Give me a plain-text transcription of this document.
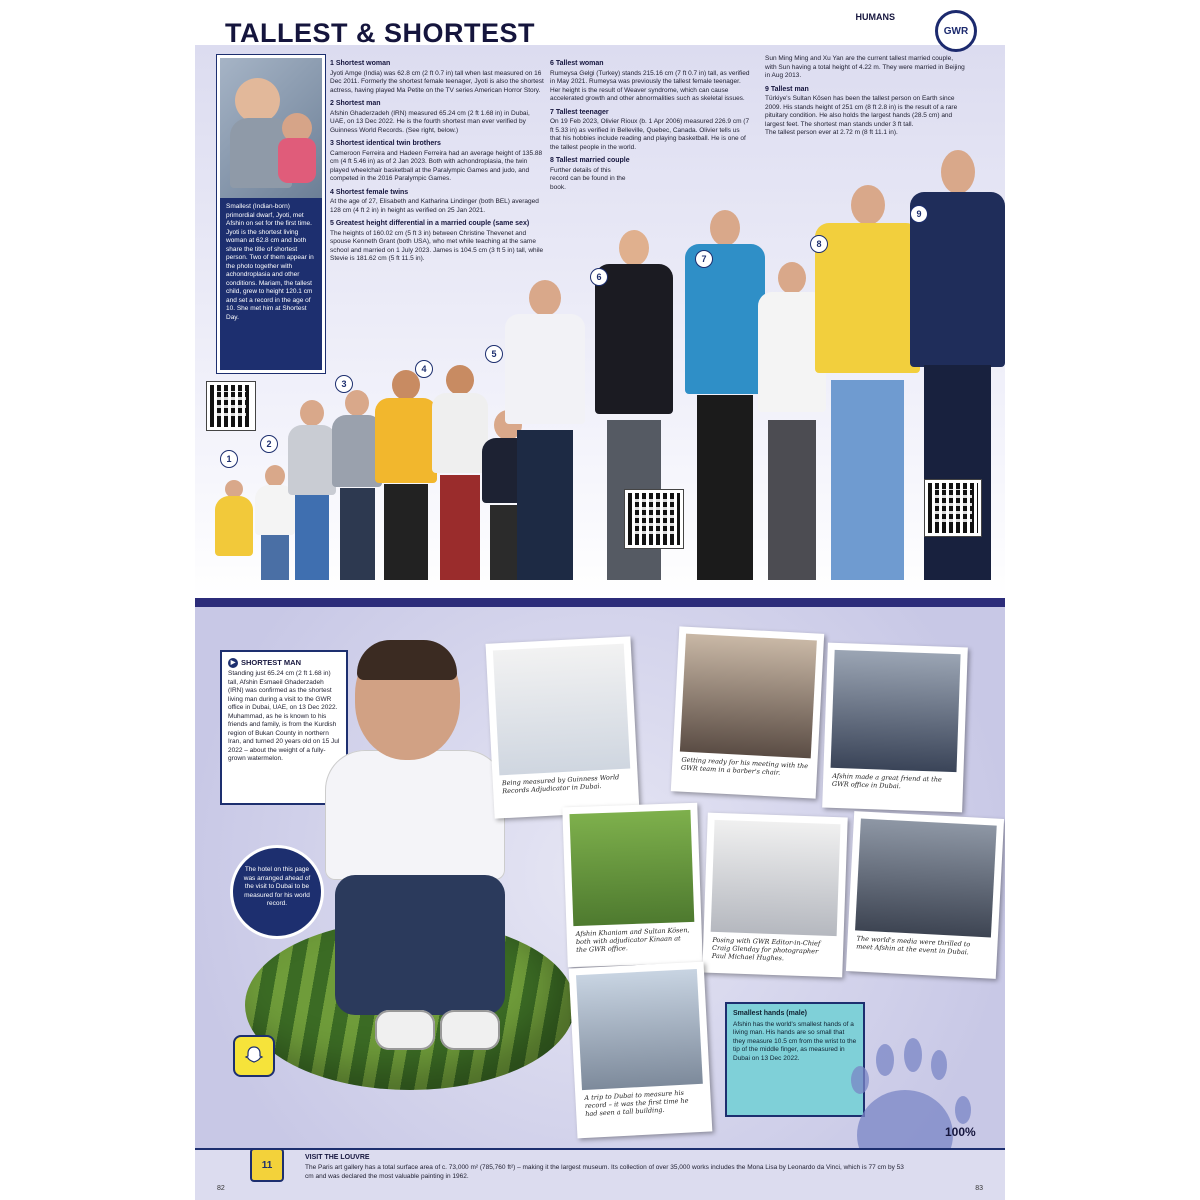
TALLEST & SHORTEST
HUMANS
GWR
1 Shortest woman

Jyoti Amge (India) was 62.8 cm (2 ft 0.7 in) tall when last measured on 16 Dec 2011. Formerly the shortest female teenager, Jyoti is also the shortest actress, having played Ma Petite on the TV series American Horror Story.

2 Shortest man

Afshin Ghaderzadeh (IRN) measured 65.24 cm (2 ft 1.68 in) in Dubai, UAE, on 13 Dec 2022. He is the fourth shortest man ever verified by Guinness World Records. (See right, below.)

3 Shortest identical twin brothers

Cameroon Ferreira and Hadeen Ferreira had an average height of 135.88 cm (4 ft 5.46 in) as of 2 Jan 2023. Both with achondroplasia, the twin played wheelchair basketball at the Paralympic Games and judo, and competed in the 2016 Paralympic Games.

4 Shortest female twins

At the age of 27, Elisabeth and Katharina Lindinger (both BEL) averaged 128 cm (4 ft 2 in) in height as verified on 25 Jan 2021.

5 Greatest height differential in a married couple (same sex)

The heights of 160.02 cm (5 ft 3 in) between Christine Thevenet and spouse Kenneth Grant (both USA), who met while teaching at the same school and married on 1 July 2023. James is 104.5 cm (3 ft 5 in) tall, while Stevie is 181.62 cm (5 ft 11.5 in).

6 Tallest woman

Rumeysa Gelgi (Turkey) stands 215.16 cm (7 ft 0.7 in) tall, as verified in May 2021. Rumeysa was previously the tallest female teenager. Her height is the result of Weaver syndrome, which can cause accelerated growth and other abnormalities such as skeletal issues.

7 Tallest teenager

On 19 Feb 2023, Olivier Rioux (b. 1 Apr 2006) measured 226.9 cm (7 ft 5.33 in) as verified in Belleville, Quebec, Canada. Olivier tells us that his hobbies include reading and playing basketball. He is one of the tallest people in the world.

8 Tallest married couple

Further details of this record can be found in the book.

Sun Ming Ming and Xu Yan are the current tallest married couple, with Sun having a total height of 4.22 m. They were married in Beijing in Aug 2013.

9 Tallest man

Türkiye's Sultan Kösen has been the tallest person on Earth since 2009. His stands height of 251 cm (8 ft 2.8 in) is the result of a rare pituitary condition. He also holds the largest hands (28.5 cm) and largest feet. The shortest man stands under 3 ft tall.

The tallest person ever at 2.72 m (8 ft 11.1 in).

Smallest (Indian-born) primordial dwarf, Jyoti, met Afshin on set for the first time. Jyoti is the shortest living woman at 62.8 cm and both share the title of shortest person. Two of them appear in the photo together with achondroplasia and other conditions. Mariam, the tallest child, grew to height 120.1 cm and set a record in the age of 10. She met him at Shortest Day.
1
2
3
4
5
6
7
8
9
▶ SHORTEST MAN
Standing just 65.24 cm (2 ft 1.68 in) tall, Afshin Esmaeil Ghaderzadeh (IRN) was confirmed as the shortest living man during a visit to the GWR office in Dubai, UAE, on 13 Dec 2022. Muhammad, as he is known to his friends and family, is from the Kurdish region of Bukan County in northern Iran, and turned 20 years old on 15 Jul 2022 – about the weight of a fully-grown watermelon.
The hotel on this page was arranged ahead of the visit to Dubai to be measured for his world record.
Being measured by Guinness World Records Adjudicator in Dubai.
Getting ready for his meeting with the GWR team in a barber's chair.
Afshin made a great friend at the GWR office in Dubai.
Afshin Khaniam and Sultan Kösen, both with adjudicator Kinaan at the GWR office.
Posing with GWR Editor-in-Chief Craig Glenday for photographer Paul Michael Hughes.
The world's media were thrilled to meet Afshin at the event in Dubai.
A trip to Dubai to measure his record – it was the first time he had seen a tall building.
Smallest hands (male)
Afshin has the world's smallest hands of a living man. His hands are so small that they measure 10.5 cm from the wrist to the tip of the middle finger, as measured in Dubai on 13 Dec 2022.
100%
VISIT THE LOUVRE

The Paris art gallery has a total surface area of c. 73,000 m² (785,760 ft²) – making it the largest museum. Its collection of over 35,000 works includes the Mona Lisa by Leonardo da Vinci, which is 77 cm by 53 cm and was declared the most valuable painting in 1962.

11
82	83
